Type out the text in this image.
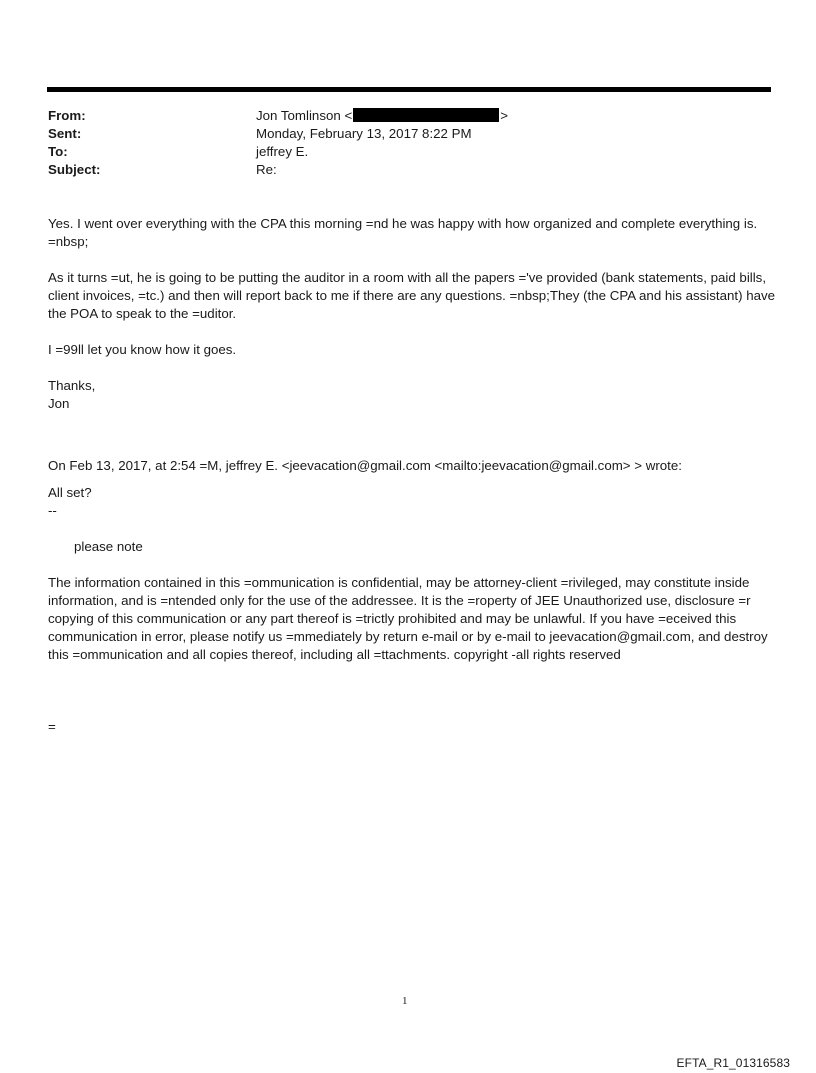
From:	Jon Tomlinson <	>
Sent:	Monday, February 13, 2017 8:22 PM
To:	jeffrey E.
Subject:	Re:

Yes. I went over everything with the CPA this morning =nd he was happy with how organized and complete everything is. =nbsp;

As it turns =ut, he is going to be putting the auditor in a room with all the papers ='ve provided (bank statements, paid bills, client invoices, =tc.) and then will report back to me if there are any questions. =nbsp;They (the CPA and his assistant) have the POA to speak to the =uditor.

I =99ll let you know how it goes.

Thanks,

Jon

On Feb 13, 2017, at 2:54 =M, jeffrey E. <jeevacation@gmail.com <mailto:jeevacation@gmail.com> > wrote:

All set?

--

please note

The information contained in this =ommunication is confidential, may be attorney-client =rivileged, may constitute inside information, and is =ntended only for the use of the addressee. It is the =roperty of JEE Unauthorized use, disclosure =r copying of this communication or any part thereof is =trictly prohibited and may be unlawful. If you have =eceived this communication in error, please notify us =mmediately by return e-mail or by e-mail to jeevacation@gmail.com, and destroy this =ommunication and all copies thereof, including all =ttachments. copyright -all rights reserved

=

1
EFTA_R1_01316583
